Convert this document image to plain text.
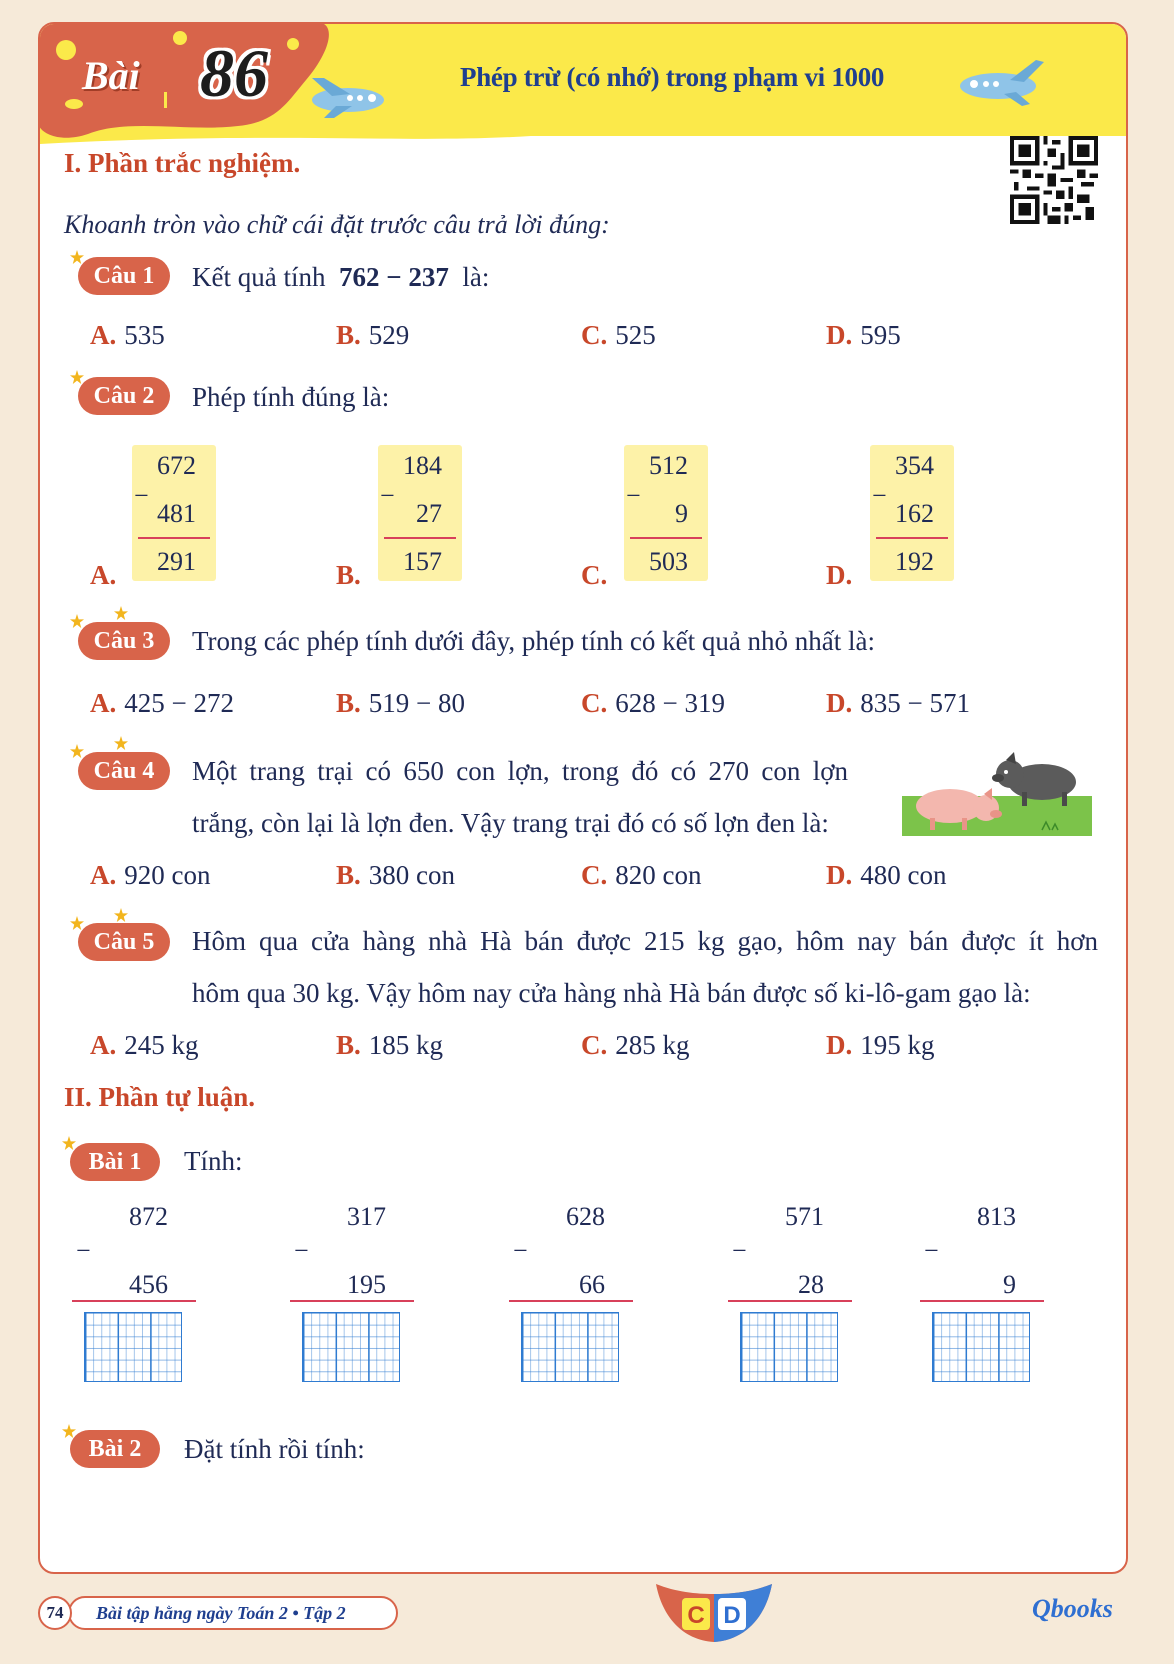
Bài 86	Phép trừ (có nhớ) trong phạm vi 1000
I. Phần trắc nghiệm.
Khoanh tròn vào chữ cái đặt trước câu trả lời đúng:
Câu 1	Kết quả tính 762 − 237 là:
A. 535	B. 529	C. 525	D. 595
Câu 2	Phép tính đúng là:
A.
672
−
481
291	B.
184
−
27
157	C.
512
−
9
503	D.
354
−
162
192
Câu 3	Trong các phép tính dưới đây, phép tính có kết quả nhỏ nhất là:
A. 425 − 272	B. 519 − 80	C. 628 − 319	D. 835 − 571
Câu 4	Một trang trại có 650 con lợn, trong đó có 270 con lợn
trắng, còn lại là lợn đen. Vậy trang trại đó có số lợn đen là:
A. 920 con	B. 380 con	C. 820 con	D. 480 con
Câu 5	Hôm qua cửa hàng nhà Hà bán được 215 kg gạo, hôm nay bán được ít hơn
hôm qua 30 kg. Vậy hôm nay cửa hàng nhà Hà bán được số ki-lô-gam gạo là:
A. 245 kg	B. 185 kg	C. 285 kg	D. 195 kg
II. Phần tự luận.
Bài 1	Tính:
872
−
456
317
−
195
628
−
66
571
−
28
813
−
9
Bài 2	Đặt tính rồi tính:
Bài tập hằng ngày Toán 2 • Tập 2
74	C D	Qbooks
